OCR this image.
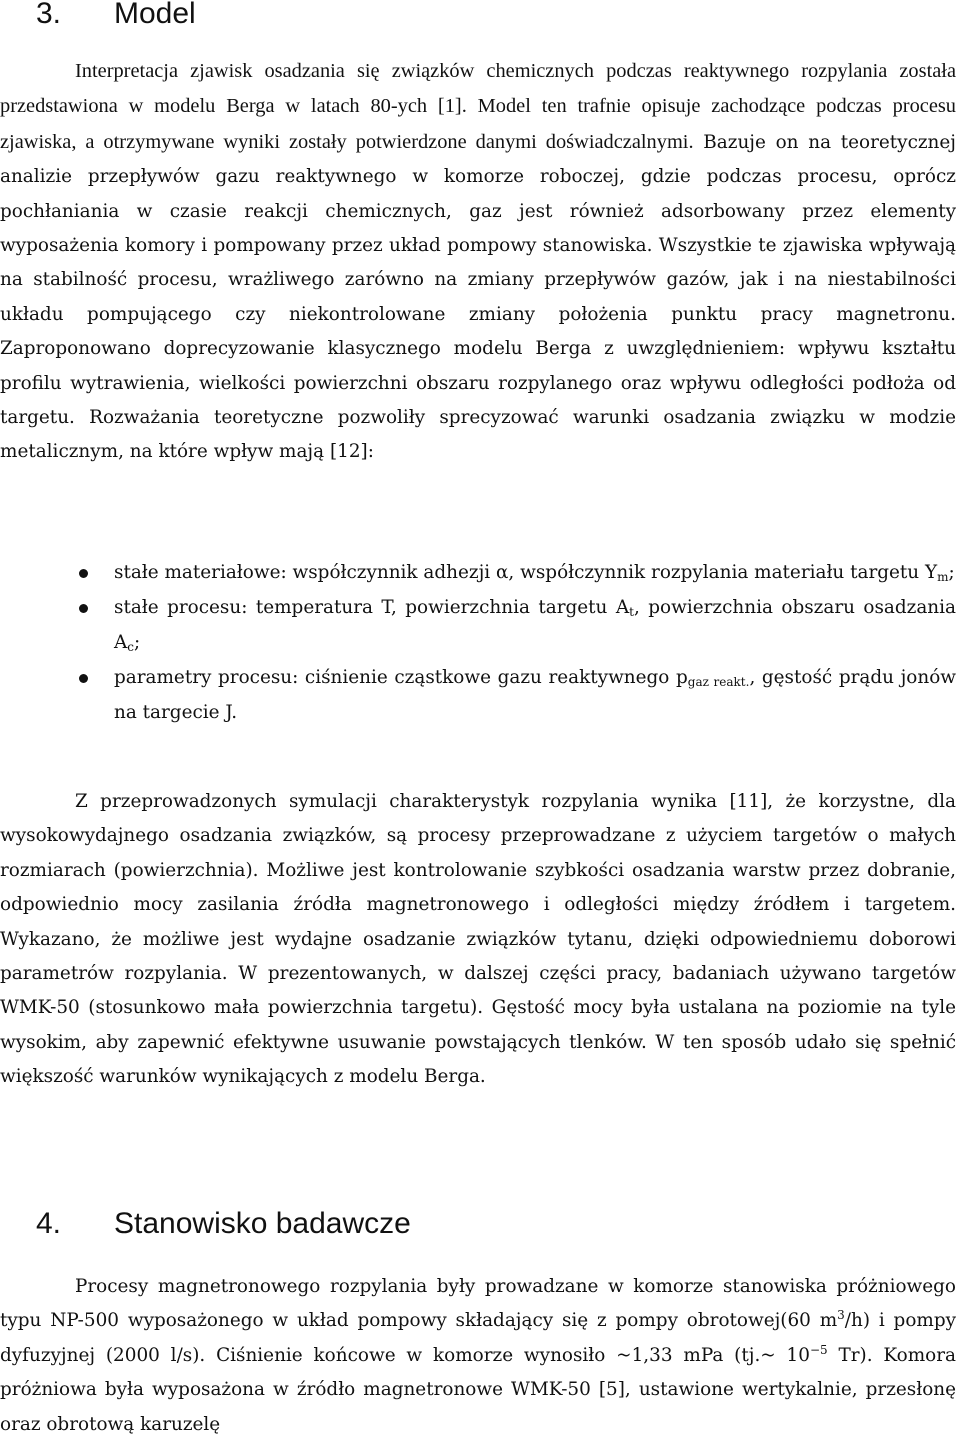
3. Model

Interpretacja zjawisk osadzania się związków chemicznych podczas reaktywnego rozpylania została przedstawiona w modelu Berga w latach 80-ych [1]. Model ten trafnie opisuje zachodzące podczas procesu zjawiska, a otrzymywane wyniki zostały potwierdzone danymi doświadczalnymi. Bazuje on na teoretycznej analizie przepływów gazu reaktywnego w komorze roboczej, gdzie podczas procesu, oprócz pochłaniania w czasie reakcji chemicznych, gaz jest również adsorbowany przez elementy wyposażenia komory i pompowany przez układ pompowy stanowiska. Wszystkie te zjawiska wpływają na stabilność procesu, wrażliwego zarówno na zmiany przepływów gazów, jak i na niestabilności układu pompującego czy niekontrolowane zmiany położenia punktu pracy magnetronu. Zaproponowano doprecyzowanie klasycznego modelu Berga z uwzględnieniem: wpływu kształtu profilu wytrawienia, wielkości powierzchni obszaru rozpylanego oraz wpływu odległości podłoża od targetu. Rozważania teoretyczne pozwoliły sprecyzować warunki osadzania związku w modzie metalicznym, na które wpływ mają [12]:

stałe materiałowe: współczynnik adhezji α, współczynnik rozpylania materiału targetu $Y_m$;
stałe procesu: temperatura T, powierzchnia targetu $A_t$, powierzchnia obszaru osadzania $A_c$;
parametry procesu: ciśnienie cząstkowe gazu reaktywnego $p_{gaz reakt.}$, gęstość prądu jonów na targecie J.

Z przeprowadzonych symulacji charakterystyk rozpylania wynika [11], że korzystne, dla wysokowydajnego osadzania związków, są procesy przeprowadzane z użyciem targetów o małych rozmiarach (powierzchnia). Możliwe jest kontrolowanie szybkości osadzania warstw przez dobranie, odpowiednio mocy zasilania źródła magnetronowego i odległości między źródłem i targetem. Wykazano, że możliwe jest wydajne osadzanie związków tytanu, dzięki odpowiedniemu doborowi parametrów rozpylania. W prezentowanych, w dalszej części pracy, badaniach używano targetów WMK-50 (stosunkowo mała powierzchnia targetu). Gęstość mocy była ustalana na poziomie na tyle wysokim, aby zapewnić efektywne usuwanie powstających tlenków. W ten sposób udało się spełnić większość warunków wynikających z modelu Berga.

4. Stanowisko badawcze

Procesy magnetronowego rozpylania były prowadzane w komorze stanowiska próżniowego typu NP-500 wyposażonego w układ pompowy składający się z pompy obrotowej(60 $m^3/h$) i pompy dyfuzyjnej (2000 l/s). Ciśnienie końcowe w komorze wynosiło ~1,33 mPa (tj.~ $10^{-5}$ Tr). Komora próżniowa była wyposażona w źródło magnetronowe WMK-50 [5], ustawione wertykalnie, przesłonę oraz obrotową karuzelę
